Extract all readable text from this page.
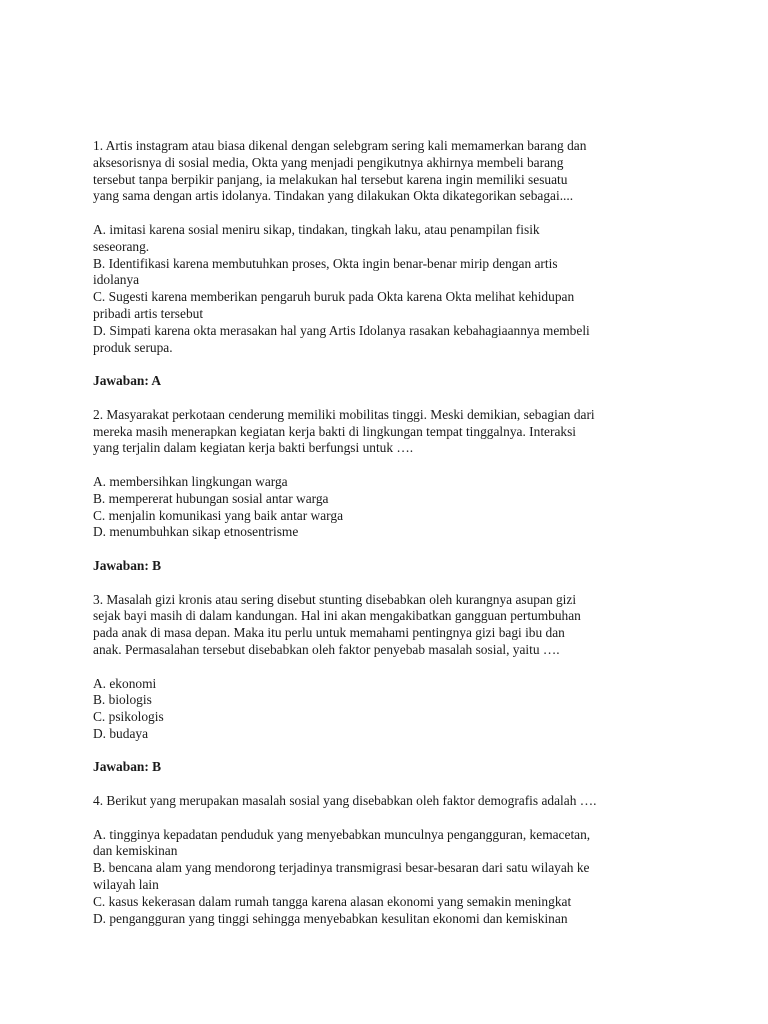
1. Artis instagram atau biasa dikenal dengan selebgram sering kali memamerkan barang dan
aksesorisnya di sosial media, Okta yang menjadi pengikutnya akhirnya membeli barang
tersebut tanpa berpikir panjang, ia melakukan hal tersebut karena ingin memiliki sesuatu
yang sama dengan artis idolanya. Tindakan yang dilakukan Okta dikategorikan sebagai....
A. imitasi karena sosial meniru sikap, tindakan, tingkah laku, atau penampilan fisik
seseorang.
B. Identifikasi karena membutuhkan proses, Okta ingin benar-benar mirip dengan artis
idolanya
C. Sugesti karena memberikan pengaruh buruk pada Okta karena Okta melihat kehidupan
pribadi artis tersebut
D. Simpati karena okta merasakan hal yang Artis Idolanya rasakan kebahagiaannya membeli
produk serupa.
Jawaban: A
2. Masyarakat perkotaan cenderung memiliki mobilitas tinggi. Meski demikian, sebagian dari
mereka masih menerapkan kegiatan kerja bakti di lingkungan tempat tinggalnya. Interaksi
yang terjalin dalam kegiatan kerja bakti berfungsi untuk ….
A. membersihkan lingkungan warga
B. mempererat hubungan sosial antar warga
C. menjalin komunikasi yang baik antar warga
D. menumbuhkan sikap etnosentrisme
Jawaban: B
3. Masalah gizi kronis atau sering disebut stunting disebabkan oleh kurangnya asupan gizi
sejak bayi masih di dalam kandungan. Hal ini akan mengakibatkan gangguan pertumbuhan
pada anak di masa depan. Maka itu perlu untuk memahami pentingnya gizi bagi ibu dan
anak. Permasalahan tersebut disebabkan oleh faktor penyebab masalah sosial, yaitu ….
A. ekonomi
B. biologis
C. psikologis
D. budaya
Jawaban: B
4. Berikut yang merupakan masalah sosial yang disebabkan oleh faktor demografis adalah ….
A. tingginya kepadatan penduduk yang menyebabkan munculnya pengangguran, kemacetan,
dan kemiskinan
B. bencana alam yang mendorong terjadinya transmigrasi besar-besaran dari satu wilayah ke
wilayah lain
C. kasus kekerasan dalam rumah tangga karena alasan ekonomi yang semakin meningkat
D. pengangguran yang tinggi sehingga menyebabkan kesulitan ekonomi dan kemiskinan
